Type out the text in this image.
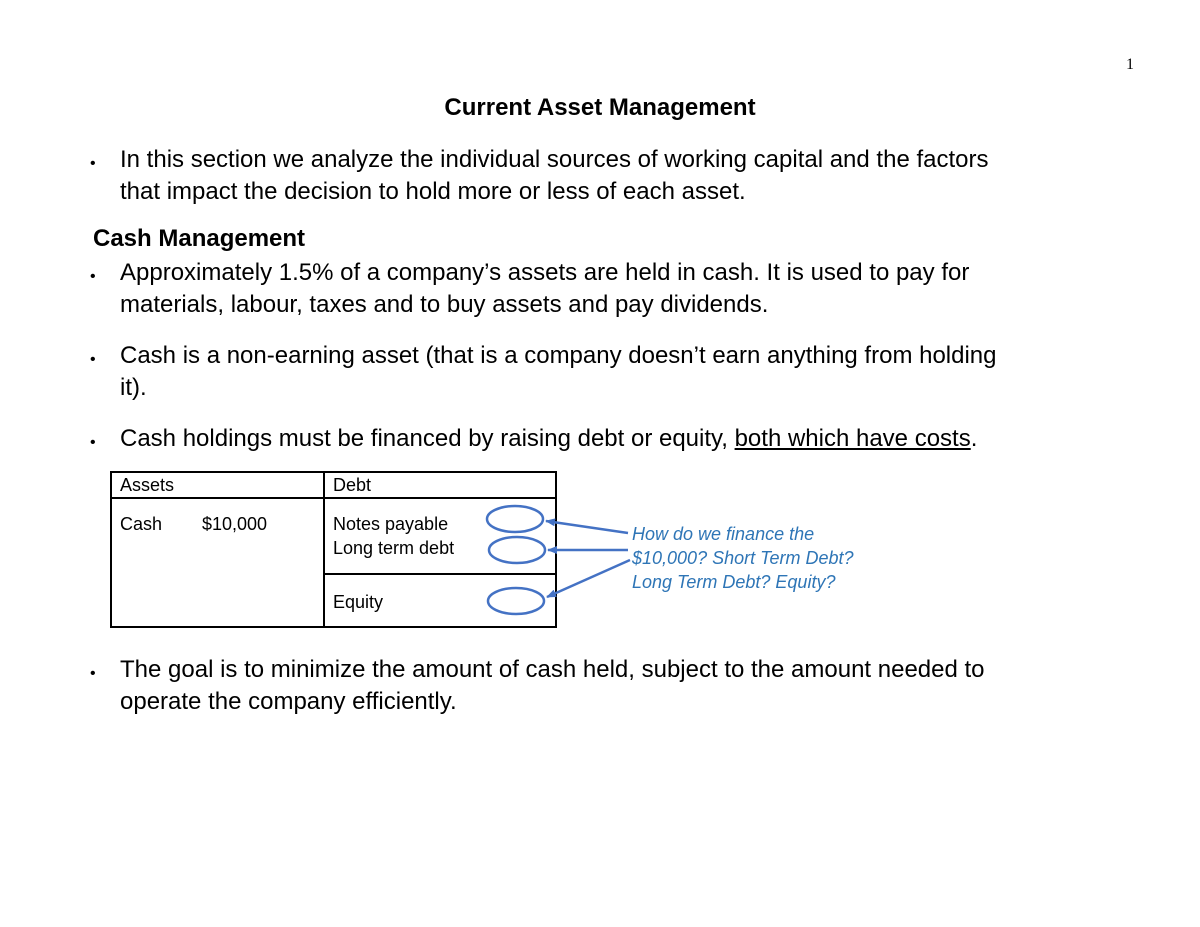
1
Current Asset Management
• In this section we analyze the individual sources of working capital and the factors
that impact the decision to hold more or less of each asset.
Cash Management
• Approximately 1.5% of a company’s assets are held in cash. It is used to pay for
materials, labour, taxes and to buy assets and pay dividends.
• Cash is a non-earning asset (that is a company doesn’t earn anything from holding
it).
• Cash holdings must be financed by raising debt or equity, both which have costs.
Assets	Debt
Cash $10,000	Notes payable
Long term debt
Equity
How do we finance the
$10,000? Short Term Debt?
Long Term Debt? Equity?
• The goal is to minimize the amount of cash held, subject to the amount needed to
operate the company efficiently.
